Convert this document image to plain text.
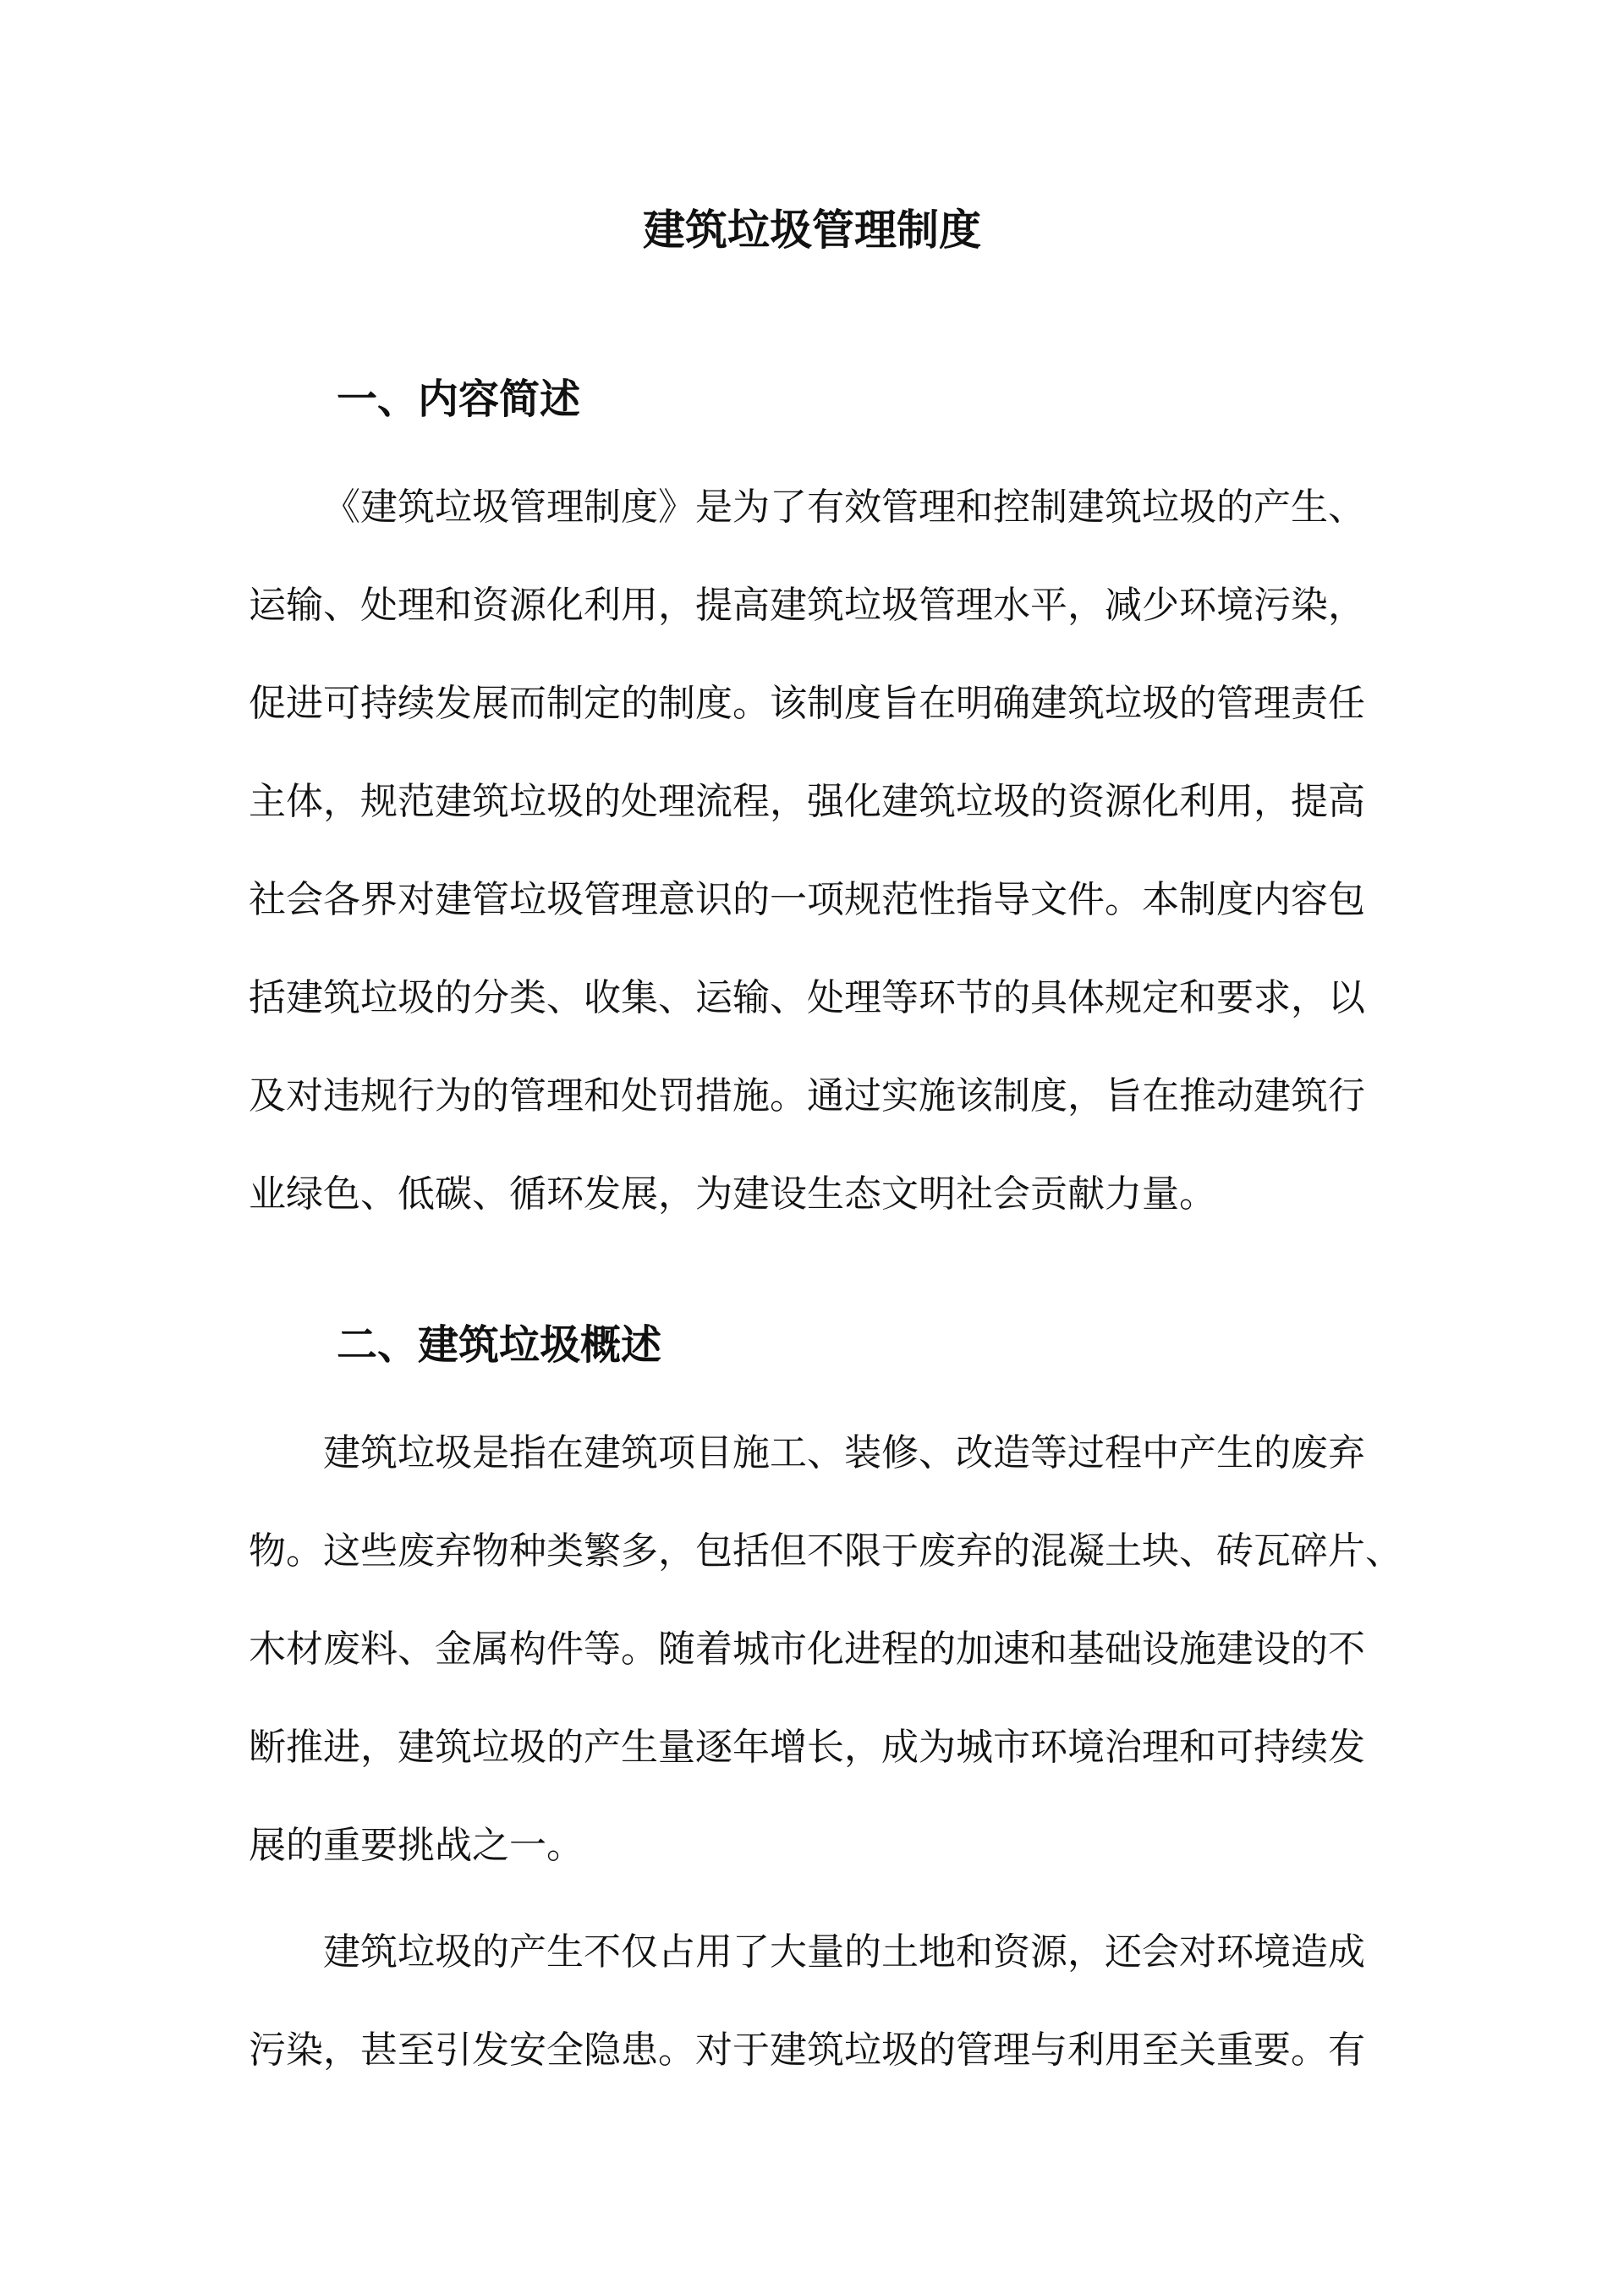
建筑垃圾管理制度
一、内容简述
《建筑垃圾管理制度》是为了有效管理和控制建筑垃圾的产生、
运输、处理和资源化利用，提高建筑垃圾管理水平，减少环境污染，
促进可持续发展而制定的制度。该制度旨在明确建筑垃圾的管理责任
主体，规范建筑垃圾的处理流程，强化建筑垃圾的资源化利用，提高
社会各界对建管垃圾管理意识的一项规范性指导文件。本制度内容包
括建筑垃圾的分类、收集、运输、处理等环节的具体规定和要求，以
及对违规行为的管理和处罚措施。通过实施该制度，旨在推动建筑行
业绿色、低碳、循环发展，为建设生态文明社会贡献力量。
二、建筑垃圾概述
建筑垃圾是指在建筑项目施工、装修、改造等过程中产生的废弃
物。这些废弃物种类繁多，包括但不限于废弃的混凝土块、砖瓦碎片、
木材废料、金属构件等。随着城市化进程的加速和基础设施建设的不
断推进，建筑垃圾的产生量逐年增长，成为城市环境治理和可持续发
展的重要挑战之一。
建筑垃圾的产生不仅占用了大量的土地和资源，还会对环境造成
污染，甚至引发安全隐患。对于建筑垃圾的管理与利用至关重要。有
